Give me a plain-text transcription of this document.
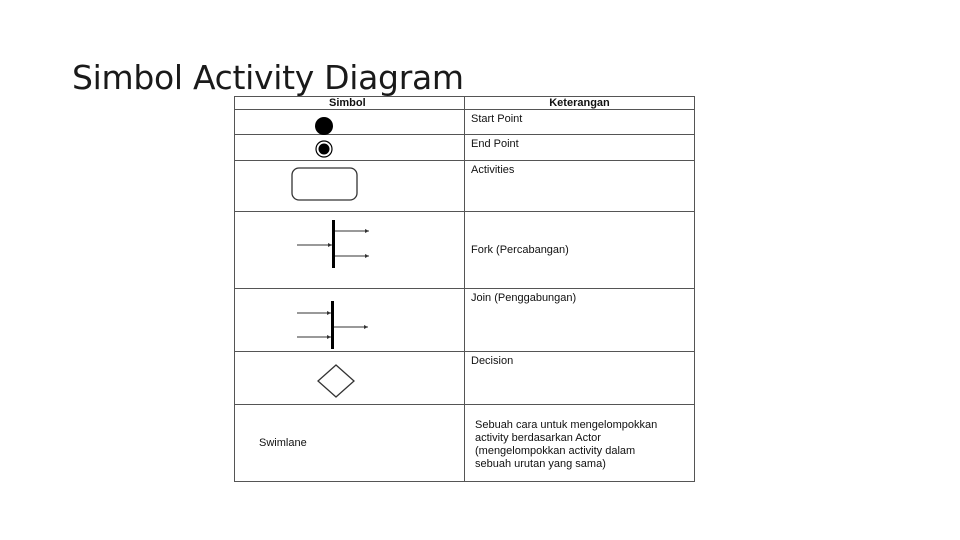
Simbol Activity Diagram
Simbol	Keterangan

	Start Point

	End Point

	Activities

	Fork (Percabangan)

	Join (Penggabungan)

	Decision
Swimlane	Sebuah cara untuk mengelompokkan
activity berdasarkan Actor
(mengelompokkan activity dalam
sebuah urutan yang sama)
